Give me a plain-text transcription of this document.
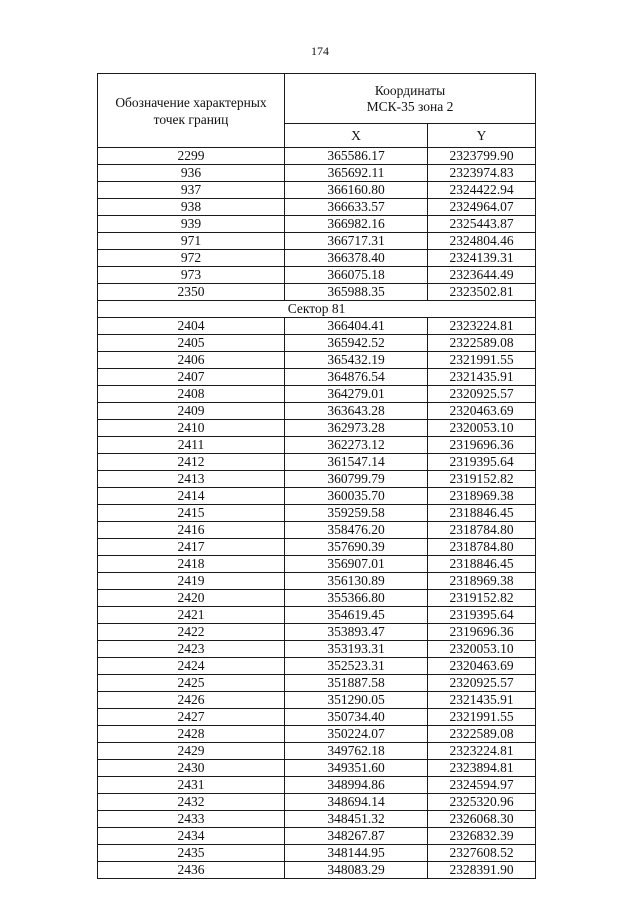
174
Обозначение характерных
точек границ	Координаты
МСК-35 зона 2	
	X	Y
2299	365586.17	2323799.90
936	365692.11	2323974.83
937	366160.80	2324422.94
938	366633.57	2324964.07
939	366982.16	2325443.87
971	366717.31	2324804.46
972	366378.40	2324139.31
973	366075.18	2323644.49
2350	365988.35	2323502.81
Сектор 81		
2404	366404.41	2323224.81
2405	365942.52	2322589.08
2406	365432.19	2321991.55
2407	364876.54	2321435.91
2408	364279.01	2320925.57
2409	363643.28	2320463.69
2410	362973.28	2320053.10
2411	362273.12	2319696.36
2412	361547.14	2319395.64
2413	360799.79	2319152.82
2414	360035.70	2318969.38
2415	359259.58	2318846.45
2416	358476.20	2318784.80
2417	357690.39	2318784.80
2418	356907.01	2318846.45
2419	356130.89	2318969.38
2420	355366.80	2319152.82
2421	354619.45	2319395.64
2422	353893.47	2319696.36
2423	353193.31	2320053.10
2424	352523.31	2320463.69
2425	351887.58	2320925.57
2426	351290.05	2321435.91
2427	350734.40	2321991.55
2428	350224.07	2322589.08
2429	349762.18	2323224.81
2430	349351.60	2323894.81
2431	348994.86	2324594.97
2432	348694.14	2325320.96
2433	348451.32	2326068.30
2434	348267.87	2326832.39
2435	348144.95	2327608.52
2436	348083.29	2328391.90
